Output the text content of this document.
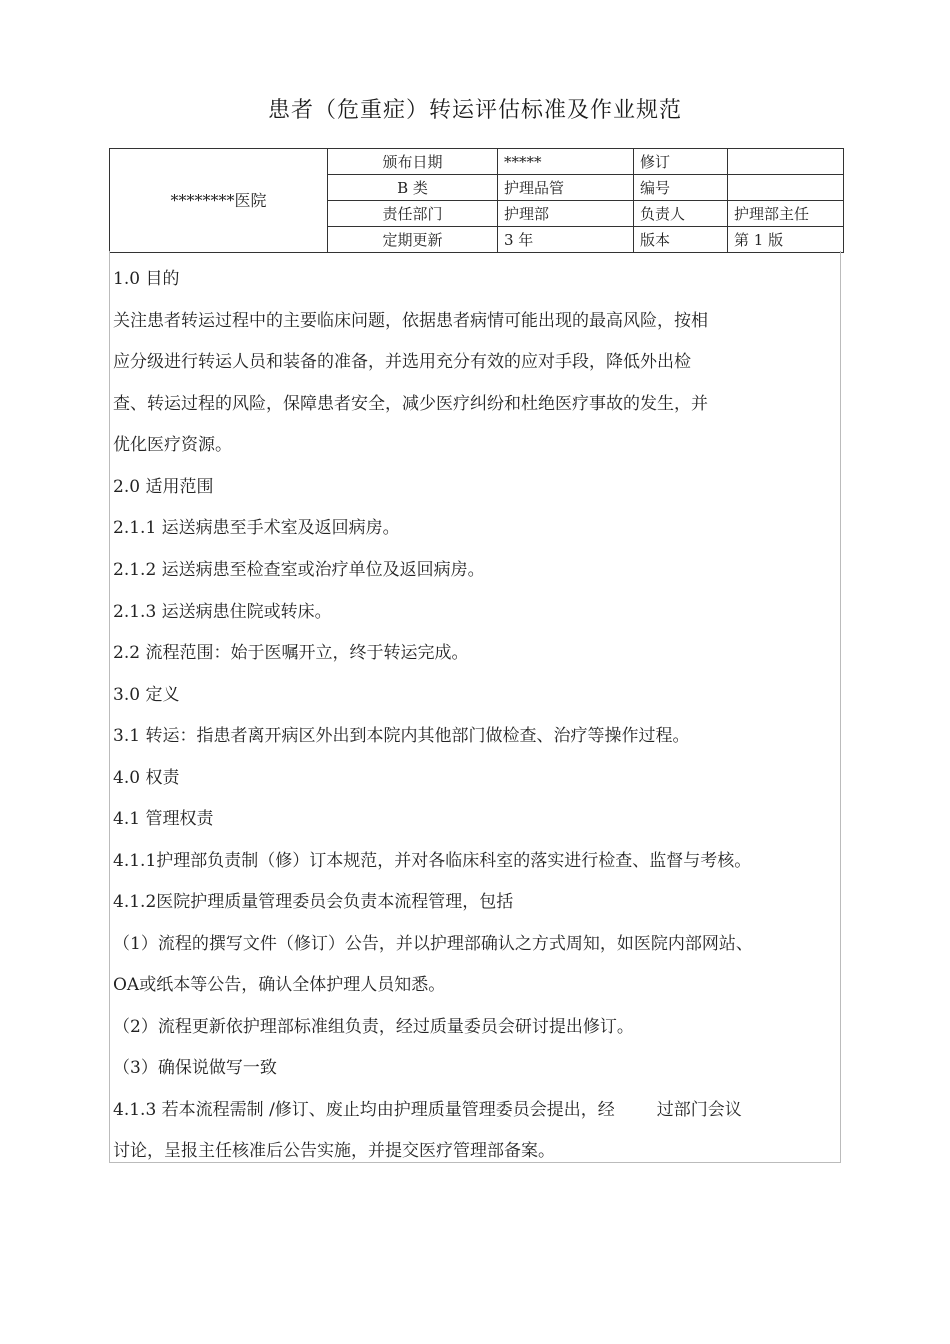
患者（危重症）转运评估标准及作业规范
********医院	颁布日期	*****	修订	
	B 类	护理品管	编号	
	责任部门	护理部	负责人	护理部主任
	定期更新	3 年	版本	第 1 版
1.0 目的
关注患者转运过程中的主要临床问题，依据患者病情可能出现的最高风险，按相
应分级进行转运人员和装备的准备，并选用充分有效的应对手段，降低外出检
查、转运过程的风险，保障患者安全，减少医疗纠纷和杜绝医疗事故的发生，并
优化医疗资源。
2.0 适用范围
2.1.1 运送病患至手术室及返回病房。
2.1.2 运送病患至检查室或治疗单位及返回病房。
2.1.3 运送病患住院或转床。
2.2 流程范围：始于医嘱开立，终于转运完成。
3.0 定义
3.1 转运：指患者离开病区外出到本院内其他部门做检查、治疗等操作过程。
4.0 权责
4.1 管理权责
4.1.1护理部负责制（修）订本规范，并对各临床科室的落实进行检查、监督与考核。
4.1.2医院护理质量管理委员会负责本流程管理，包括
（1）流程的撰写文件（修订）公告，并以护理部确认之方式周知，如医院内部网站、
OA或纸本等公告，确认全体护理人员知悉。
（2）流程更新依护理部标准组负责，经过质量委员会研讨提出修订。
（3）确保说做写一致
4.1.3 若本流程需制 /修订、废止均由护理质量管理委员会提出，经 过部门会议
讨论，呈报主任核准后公告实施，并提交医疗管理部备案。
